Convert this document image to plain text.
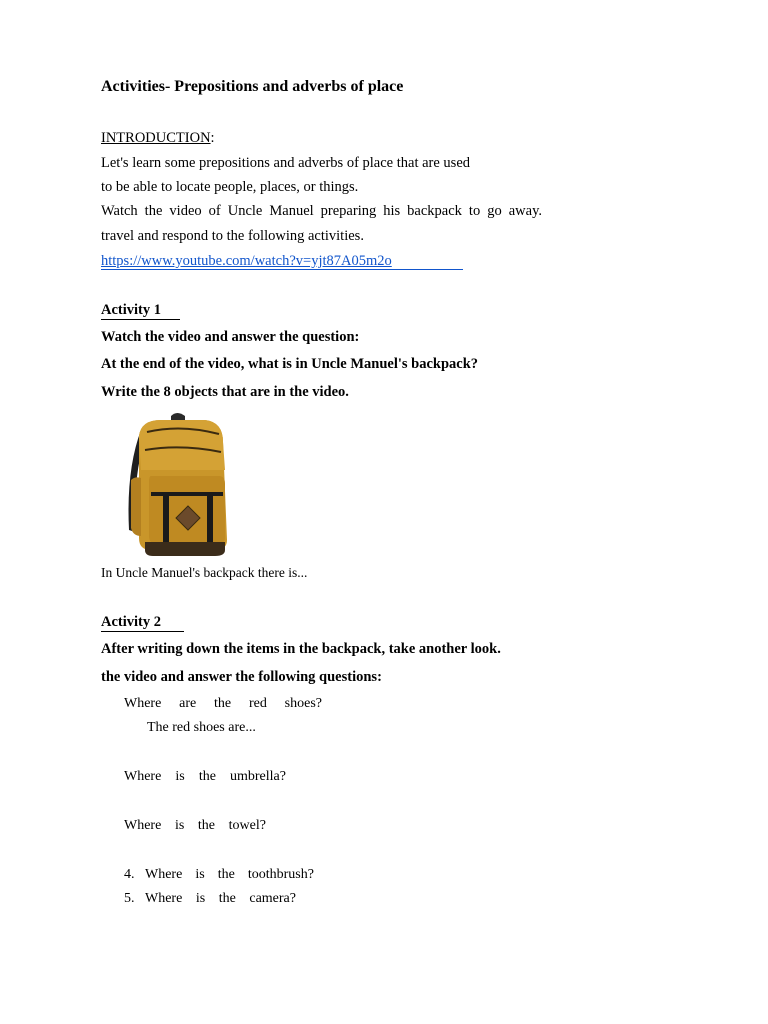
Activities- Prepositions and adverbs of place
INTRODUCTION:
Let's learn some prepositions and adverbs of place that are used
to be able to locate people, places, or things.
Watch the video of Uncle Manuel preparing his backpack to go away.
travel and respond to the following activities.
https://www.youtube.com/watch?v=yjt87A05m2o
Activity 1
Watch the video and answer the question:
At the end of the video, what is in Uncle Manuel's backpack?
Write the 8 objects that are in the video.
In Uncle Manuel's backpack there is...
Activity 2
After writing down the items in the backpack, take another look.
the video and answer the following questions:
Where are the red shoes?
The red shoes are...
Where is the umbrella?
Where is the towel?
4. Where is the toothbrush?
5. Where is the camera?
